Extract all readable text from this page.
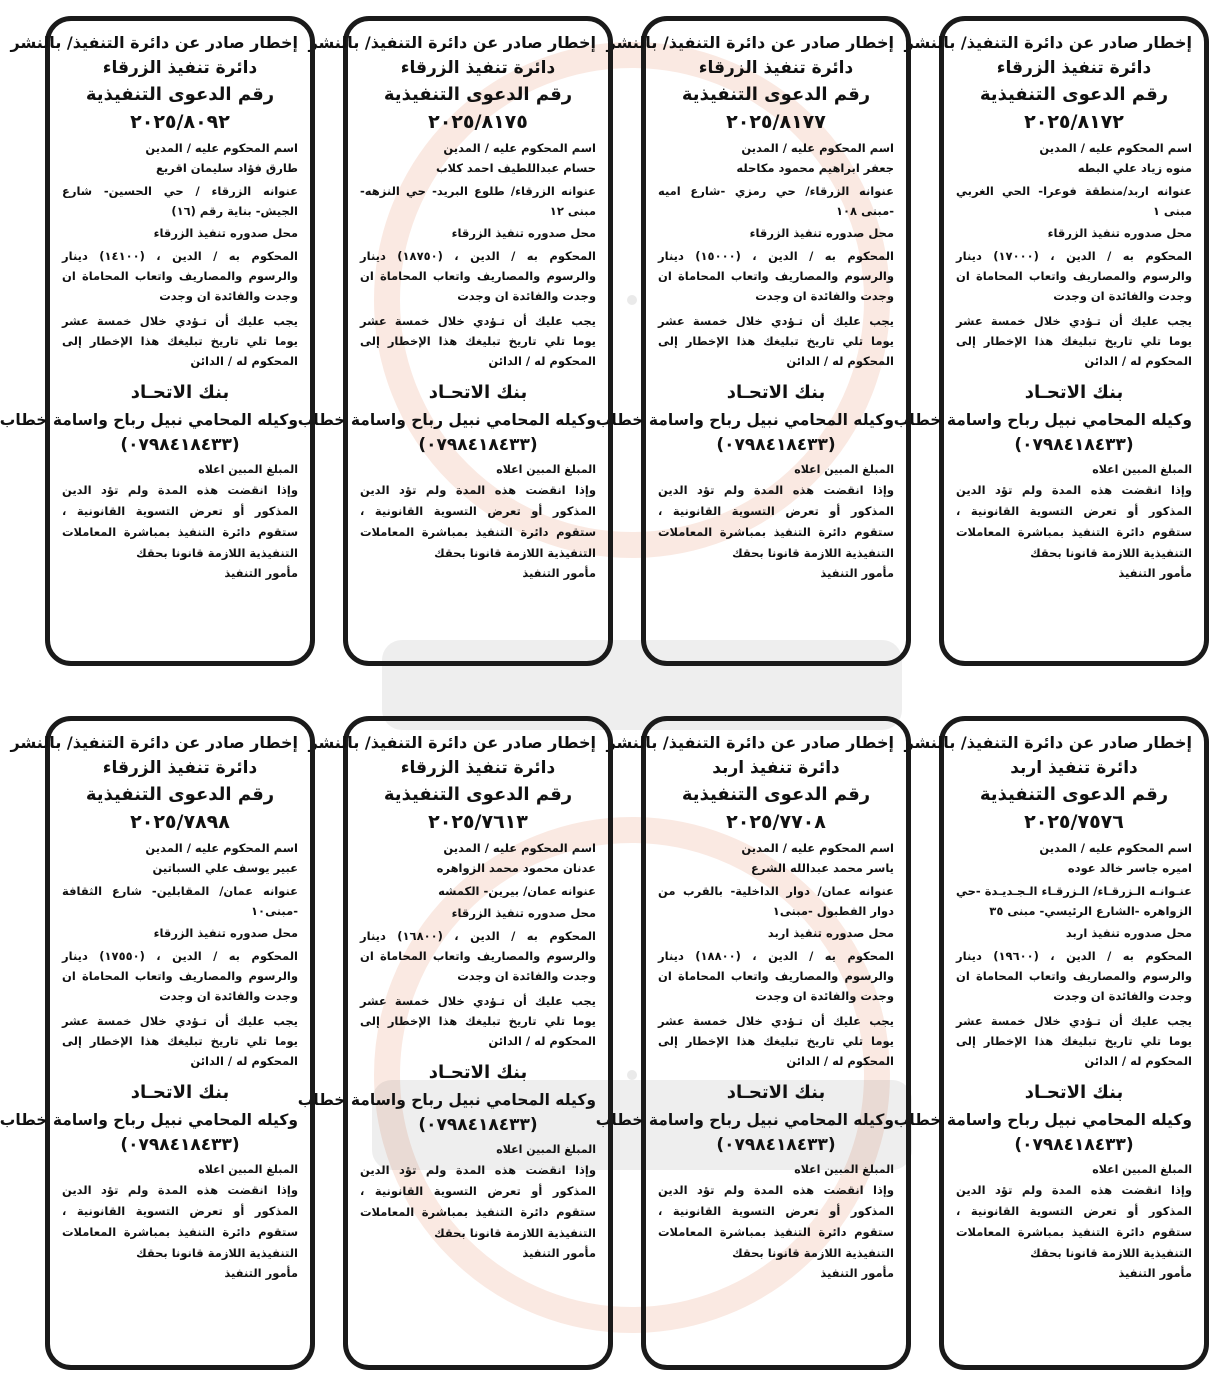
إخطار صادر عن دائرة التنفيذ/ بالنشر
دائرة تنفيذ الزرقاء
رقم الدعوى التنفيذية
٢٠٢٥/٨١٧٢
اسم المحكوم عليه / المدين
منوه زياد علي البطه
عنوانه اربد/منطقة فوعرا- الحي الغربي مبنى ١
محل صدوره تنفيذ الزرقاء
المحكوم به / الدين ، (١٧٠٠٠) دينار والرسوم والمصاريف واتعاب المحاماة ان وجدت والفائدة ان وجدت
يجب عليك أن تـؤدي خلال خمسة عشر يوما تلي تاريخ تبليغك هذا الإخطار إلى المحكوم له / الدائن
بنك الاتحـاد
وكيله المحامي نبيل رباح واسامة خطاب
(٠٧٩٨٤١٨٤٣٣)
المبلغ المبين اعلاه
وإذا انقضت هذه المدة ولم تؤد الدين المذكور أو تعرض التسوية القانونية ، ستقوم دائرة التنفيذ بمباشرة المعاملات التنفيذية اللازمة قانونا بحقك
مأمور التنفيذ
إخطار صادر عن دائرة التنفيذ/ بالنشر
دائرة تنفيذ الزرقاء
رقم الدعوى التنفيذية
٢٠٢٥/٨١٧٧
اسم المحكوم عليه / المدين
جعفر ابراهيم محمود مكاحله
عنوانه الزرقاء/ حي رمزي -شارع اميه -مبنى ١٠٨
محل صدوره تنفيذ الزرقاء
المحكوم به / الدين ، (١٥٠٠٠) دينار والرسوم والمصاريف واتعاب المحاماة ان وجدت والفائدة ان وجدت
يجب عليك أن تـؤدي خلال خمسة عشر يوما تلي تاريخ تبليغك هذا الإخطار إلى المحكوم له / الدائن
بنك الاتحـاد
وكيله المحامي نبيل رباح واسامة خطاب
(٠٧٩٨٤١٨٤٣٣)
المبلغ المبين اعلاه
وإذا انقضت هذه المدة ولم تؤد الدين المذكور أو تعرض التسوية القانونية ، ستقوم دائرة التنفيذ بمباشرة المعاملات التنفيذية اللازمة قانونا بحقك
مأمور التنفيذ
إخطار صادر عن دائرة التنفيذ/ بالنشر
دائرة تنفيذ الزرقاء
رقم الدعوى التنفيذية
٢٠٢٥/٨١٧٥
اسم المحكوم عليه / المدين
حسام عبداللطيف احمد كلاب
عنوانه الزرقاء/ طلوع البريد- حي النزهه-مبنى ١٢
محل صدوره تنفيذ الزرقاء
المحكوم به / الدين ، (١٨٧٥٠) دينار والرسوم والمصاريف واتعاب المحاماة ان وجدت والفائدة ان وجدت
يجب عليك أن تـؤدي خلال خمسة عشر يوما تلي تاريخ تبليغك هذا الإخطار إلى المحكوم له / الدائن
بنك الاتحـاد
وكيله المحامي نبيل رباح واسامة خطاب
(٠٧٩٨٤١٨٤٣٣)
المبلغ المبين اعلاه
وإذا انقضت هذه المدة ولم تؤد الدين المذكور أو تعرض التسوية القانونية ، ستقوم دائرة التنفيذ بمباشرة المعاملات التنفيذية اللازمة قانونا بحقك
مأمور التنفيذ
إخطار صادر عن دائرة التنفيذ/ بالنشر
دائرة تنفيذ الزرقاء
رقم الدعوى التنفيذية
٢٠٢٥/٨٠٩٢
اسم المحكوم عليه / المدين
طارق فؤاد سليمان اقريع
عنوانه الزرقاء / حي الحسين- شارع الجيش- بناية رقم (١٦)
محل صدوره تنفيذ الزرقاء
المحكوم به / الدين ، (١٤١٠٠) دينار والرسوم والمصاريف واتعاب المحاماة ان وجدت والفائدة ان وجدت
يجب عليك أن تـؤدي خلال خمسة عشر يوما تلي تاريخ تبليغك هذا الإخطار إلى المحكوم له / الدائن
بنك الاتحـاد
وكيله المحامي نبيل رباح واسامة خطاب
(٠٧٩٨٤١٨٤٣٣)
المبلغ المبين اعلاه
وإذا انقضت هذه المدة ولم تؤد الدين المذكور أو تعرض التسوية القانونية ، ستقوم دائرة التنفيذ بمباشرة المعاملات التنفيذية اللازمة قانونا بحقك
مأمور التنفيذ
إخطار صادر عن دائرة التنفيذ/ بالنشر
دائرة تنفيذ اربد
رقم الدعوى التنفيذية
٢٠٢٥/٧٥٧٦
اسم المحكوم عليه / المدين
اميره جاسر خالد عوده
عنـوانـه الـزرقـاء/ الـزرقـاء الـجـديـدة -حي الزواهره -الشارع الرئيسي- مبنى ٣٥
محل صدوره تنفيذ اربد
المحكوم به / الدين ، (١٩٦٠٠) دينار والرسوم والمصاريف واتعاب المحاماة ان وجدت والفائدة ان وجدت
يجب عليك أن تـؤدي خلال خمسة عشر يوما تلي تاريخ تبليغك هذا الإخطار إلى المحكوم له / الدائن
بنك الاتحـاد
وكيله المحامي نبيل رباح واسامة خطاب
(٠٧٩٨٤١٨٤٣٣)
المبلغ المبين اعلاه
وإذا انقضت هذه المدة ولم تؤد الدين المذكور أو تعرض التسوية القانونية ، ستقوم دائرة التنفيذ بمباشرة المعاملات التنفيذية اللازمة قانونا بحقك
مأمور التنفيذ
إخطار صادر عن دائرة التنفيذ/ بالنشر
دائرة تنفيذ اربد
رقم الدعوى التنفيذية
٢٠٢٥/٧٧٠٨
اسم المحكوم عليه / المدين
ياسر محمد عبدالله الشرع
عنوانه عمان/ دوار الداخلية- بالقرب من دوار الفطبول -مبنى١
محل صدوره تنفيذ اربد
المحكوم به / الدين ، (١٨٨٠٠) دينار والرسوم والمصاريف واتعاب المحاماة ان وجدت والفائدة ان وجدت
يجب عليك أن تـؤدي خلال خمسة عشر يوما تلي تاريخ تبليغك هذا الإخطار إلى المحكوم له / الدائن
بنك الاتحـاد
وكيله المحامي نبيل رباح واسامة خطاب
(٠٧٩٨٤١٨٤٣٣)
المبلغ المبين اعلاه
وإذا انقضت هذه المدة ولم تؤد الدين المذكور أو تعرض التسوية القانونية ، ستقوم دائرة التنفيذ بمباشرة المعاملات التنفيذية اللازمة قانونا بحقك
مأمور التنفيذ
إخطار صادر عن دائرة التنفيذ/ بالنشر
دائرة تنفيذ الزرقاء
رقم الدعوى التنفيذية
٢٠٢٥/٧٦١٣
اسم المحكوم عليه / المدين
عدنان محمود محمد الزواهره
عنوانه عمان/ بيرين- الكمشه
محل صدوره تنفيذ الزرقاء
المحكوم به / الدين ، (١٦٨٠٠) دينار والرسوم والمصاريف واتعاب المحاماة ان وجدت والفائدة ان وجدت
يجب عليك أن تـؤدي خلال خمسة عشر يوما تلي تاريخ تبليغك هذا الإخطار إلى المحكوم له / الدائن
بنك الاتحـاد
وكيله المحامي نبيل رباح واسامة خطاب
(٠٧٩٨٤١٨٤٣٣)
المبلغ المبين اعلاه
وإذا انقضت هذه المدة ولم تؤد الدين المذكور أو تعرض التسوية القانونية ، ستقوم دائرة التنفيذ بمباشرة المعاملات التنفيذية اللازمة قانونا بحقك
مأمور التنفيذ
إخطار صادر عن دائرة التنفيذ/ بالنشر
دائرة تنفيذ الزرقاء
رقم الدعوى التنفيذية
٢٠٢٥/٧٨٩٨
اسم المحكوم عليه / المدين
عبير يوسف علي السباتين
عنوانه عمان/ المقابلين- شارع الثقافة -مبنى١٠
محل صدوره تنفيذ الزرقاء
المحكوم به / الدين ، (١٧٥٥٠) دينار والرسوم والمصاريف واتعاب المحاماة ان وجدت والفائدة ان وجدت
يجب عليك أن تـؤدي خلال خمسة عشر يوما تلي تاريخ تبليغك هذا الإخطار إلى المحكوم له / الدائن
بنك الاتحـاد
وكيله المحامي نبيل رباح واسامة خطاب
(٠٧٩٨٤١٨٤٣٣)
المبلغ المبين اعلاه
وإذا انقضت هذه المدة ولم تؤد الدين المذكور أو تعرض التسوية القانونية ، ستقوم دائرة التنفيذ بمباشرة المعاملات التنفيذية اللازمة قانونا بحقك
مأمور التنفيذ
